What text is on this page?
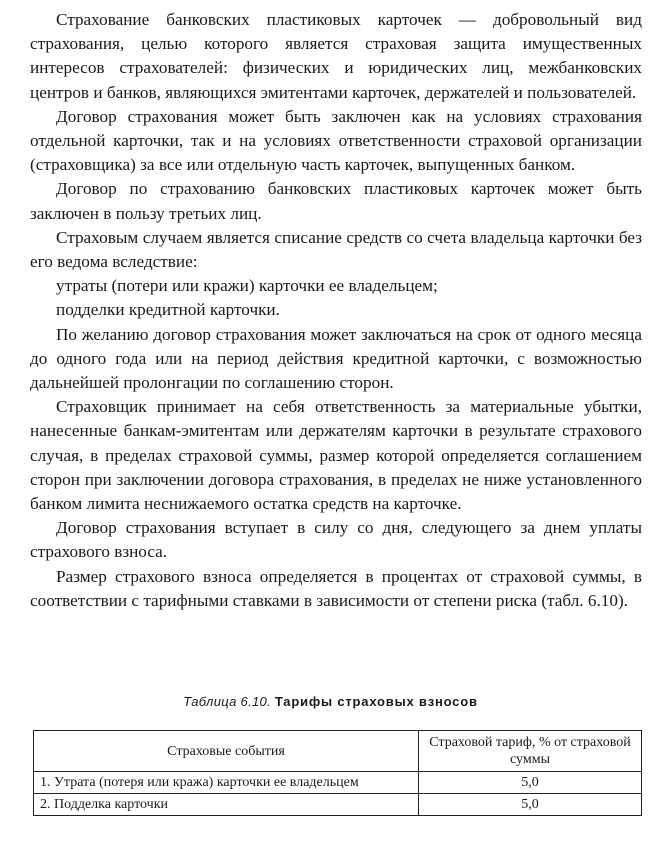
Страхование банковских пластиковых карточек — добровольный вид страхования, целью которого является страховая защита имущественных интересов страхователей: физических и юридических лиц, межбанковских центров и банков, являющихся эмитентами карточек, держателей и пользователей.

Договор страхования может быть заключен как на условиях страхования отдельной карточки, так и на условиях ответственности страховой организации (страховщика) за все или отдельную часть карточек, выпущенных банком.

Договор по страхованию банковских пластиковых карточек может быть заключен в пользу третьих лиц.

Страховым случаем является списание средств со счета владельца карточки без его ведома вследствие:

утраты (потери или кражи) карточки ее владельцем;

подделки кредитной карточки.

По желанию договор страхования может заключаться на срок от одного месяца до одного года или на период действия кредитной карточки, с возможностью дальнейшей пролонгации по соглашению сторон.

Страховщик принимает на себя ответственность за материальные убытки, нанесенные банкам-эмитентам или держателям карточки в результате страхового случая, в пределах страховой суммы, размер которой определяется соглашением сторон при заключении договора страхования, в пределах не ниже установленного банком лимита неснижаемого остатка средств на карточке.

Договор страхования вступает в силу со дня, следующего за днем уплаты страхового взноса.

Размер страхового взноса определяется в процентах от страховой суммы, в соответствии с тарифными ставками в зависимости от степени риска (табл. 6.10).

Таблица 6.10. Тарифы страховых взносов
Страховые события	Страховой тариф, % от страховой суммы
1. Утрата (потеря или кража) карточки ее владельцем	5,0
2. Подделка карточки	5,0
